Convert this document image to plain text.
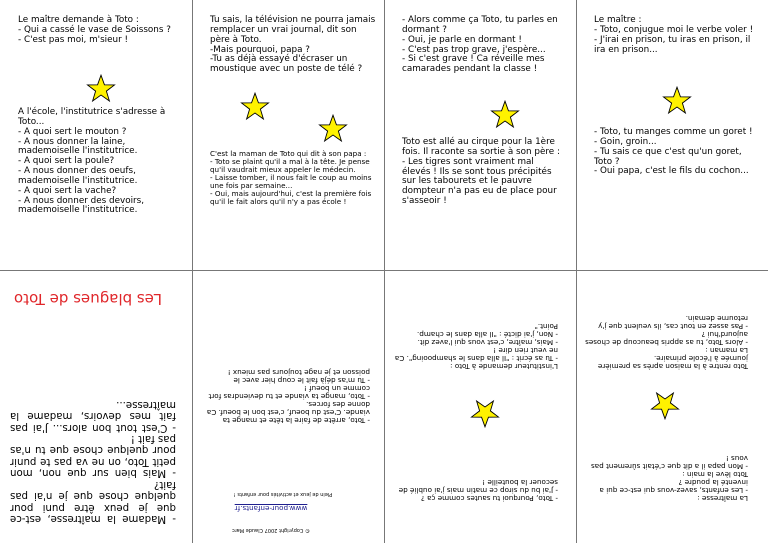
Le maître demande à Toto :
- Qui a cassé le vase de Soissons ?
- C'est pas moi, m'sieur !
A l'école, l'institutrice s'adresse à Toto...
- A quoi sert le mouton ?
- A nous donner la laine, mademoiselle l'institutrice.
- A quoi sert la poule?
- A nous donner des oeufs, mademoiselle l'institutrice.
- A quoi sert la vache?
- A nous donner des devoirs, mademoiselle l'institutrice.
Tu sais, la télévision ne pourra jamais remplacer un vrai journal, dit son père à Toto.
-Mais pourquoi, papa ?
-Tu as déjà essayé d'écraser un moustique avec un poste de télé ?
C'est la maman de Toto qui dit à son papa :
- Toto se plaint qu'il a mal à la tête. Je pense qu'il vaudrait mieux appeler le médecin.
- Laisse tomber, il nous fait le coup au moins une fois par semaine...
- Oui, mais aujourd'hui, c'est la première fois qu'il le fait alors qu'il n'y a pas école !
- Alors comme ça Toto, tu parles en dormant ?
- Oui, je parle en dormant !
- C'est pas trop grave, j'espère...
- Si c'est grave ! Ca réveille mes camarades pendant la classe !
Toto est allé au cirque pour la 1ère fois. Il raconte sa sortie à son père :
- Les tigres sont vraiment mal élevés ! Ils se sont tous précipités sur les tabourets et le pauvre dompteur n'a pas eu de place pour s'asseoir !
Le maître :
- Toto, conjugue moi le verbe voler !
- J'irai en prison, tu iras en prison, il ira en prison...
- Toto, tu manges comme un goret !
- Goin, groin...
- Tu sais ce que c'est qu'un goret, Toto ?
- Oui papa, c'est le fils du cochon...
- Madame la maîtresse, est-ce que je peux être puni pour quelque chose que je n'ai pas fait?
- Mais bien sur que non, mon petit Toto, on ne va pas te punir pour quelque chose que tu n'as pas fait !
- C'est tout bon alors... J'ai pas fait mes devoirs, madame la maîtresse...
Les blagues de Toto
© Copyright 2007 Claude Marc
www.pour-enfants.fr
Plein de jeux et activités pour enfants !
- Toto, arrête de faire la tête et mange ta viande. C'est du boeuf, c'est bon le boeuf. Ca donne des forces.
- Toto, mange ta viande et tu deviendras fort comme un boeuf !
- Tu m'as déjà fait le coup hier avec le poisson et je nage toujours pas mieux !
- Toto, Pourquoi tu sautes comme ça ?
- J'ai bu du sirop ce matin mais j'ai oublié de secouer la bouteille !
L'instituteur demande à Toto :
- Tu as écrit : "Il alla dans le shampooing". Ca ne veut rien dire !
- Mais, maître, c'est vous qui l'avez dit.
- Non, j'ai dicté : "Il alla dans le champ. Point."
La maîtresse :
- Les enfants, savez-vous qui est-ce qui a inventé la poudre ?
Toto lève la main :
- Mon papa il a dit que c'était sûrement pas vous !
Toto rentre à la maison après sa première journée à l'école primaire.
La maman :
- Alors Toto, tu as appris beaucoup de choses aujourd'hui ?
- Pas assez en tout cas, ils veulent que j'y retourne demain.
